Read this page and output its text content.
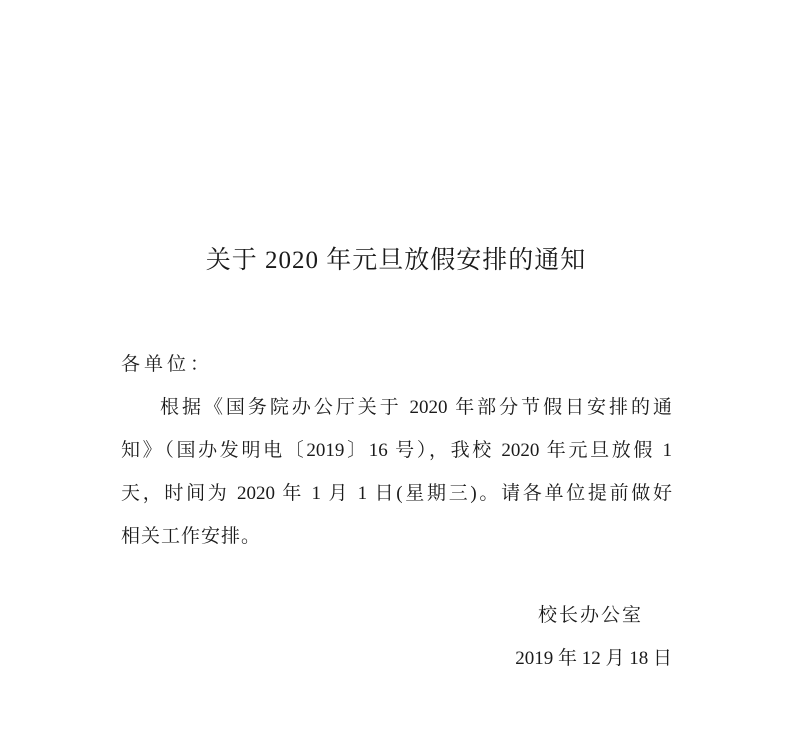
关于 2020 年元旦放假安排的通知
各单位：
根据《国务院办公厅关于 2020 年部分节假日安排的通
知》（国办发明电〔2019〕16 号），我校 2020 年元旦放假 1
天，时间为 2020 年 1 月 1 日(星期三)。请各单位提前做好
相关工作安排。
校长办公室
2019 年 12 月 18 日
